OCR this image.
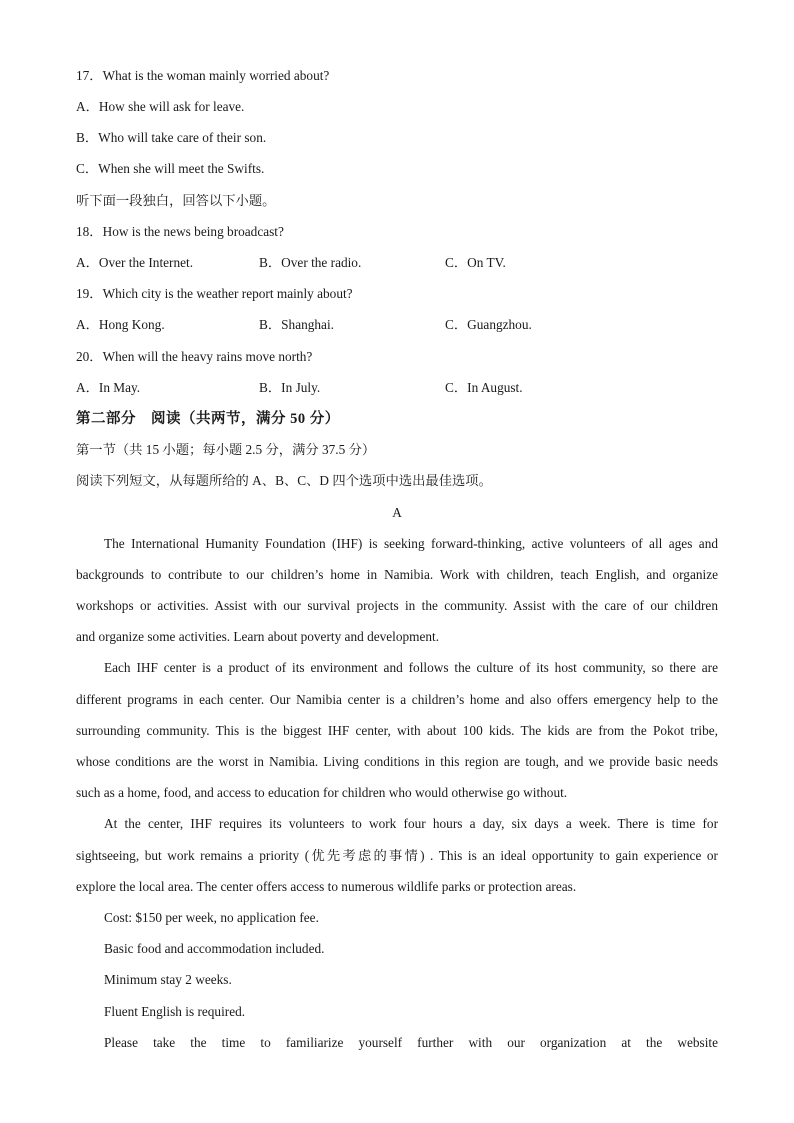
17．What is the woman mainly worried about?
A．How she will ask for leave.
B．Who will take care of their son.
C．When she will meet the Swifts.
听下面一段独白，回答以下小题。
18．How is the news being broadcast?
A．Over the Internet.	B．Over the radio.	C．On TV.
19．Which city is the weather report mainly about?
A．Hong Kong.	B．Shanghai.	C．Guangzhou.
20．When will the heavy rains move north?
A．In May.	B．In July.	C．In August.
第二部分　阅读（共两节，满分 50 分）
第一节（共 15 小题；每小题 2.5 分，满分 37.5 分）
阅读下列短文，从每题所给的 A、B、C、D 四个选项中选出最佳选项。
A
The International Humanity Foundation (IHF) is seeking forward-thinking, active volunteers of all ages and
backgrounds to contribute to our children’s home in Namibia. Work with children, teach English, and organize
workshops or activities. Assist with our survival projects in the community. Assist with the care of our children
and organize some activities. Learn about poverty and development.
Each IHF center is a product of its environment and follows the culture of its host community, so there are
different programs in each center. Our Namibia center is a children’s home and also offers emergency help to the
surrounding community. This is the biggest IHF center, with about 100 kids. The kids are from the Pokot tribe,
whose conditions are the worst in Namibia. Living conditions in this region are tough, and we provide basic needs
such as a home, food, and access to education for children who would otherwise go without.
At the center, IHF requires its volunteers to work four hours a day, six days a week. There is time for
sightseeing, but work remains a priority (优先考虑的事情) . This is an ideal opportunity to gain experience or
explore the local area. The center offers access to numerous wildlife parks or protection areas.
Cost: $150 per week, no application fee.
Basic food and accommodation included.
Minimum stay 2 weeks.
Fluent English is required.
Please take the time to familiarize yourself further with our organization at the website
